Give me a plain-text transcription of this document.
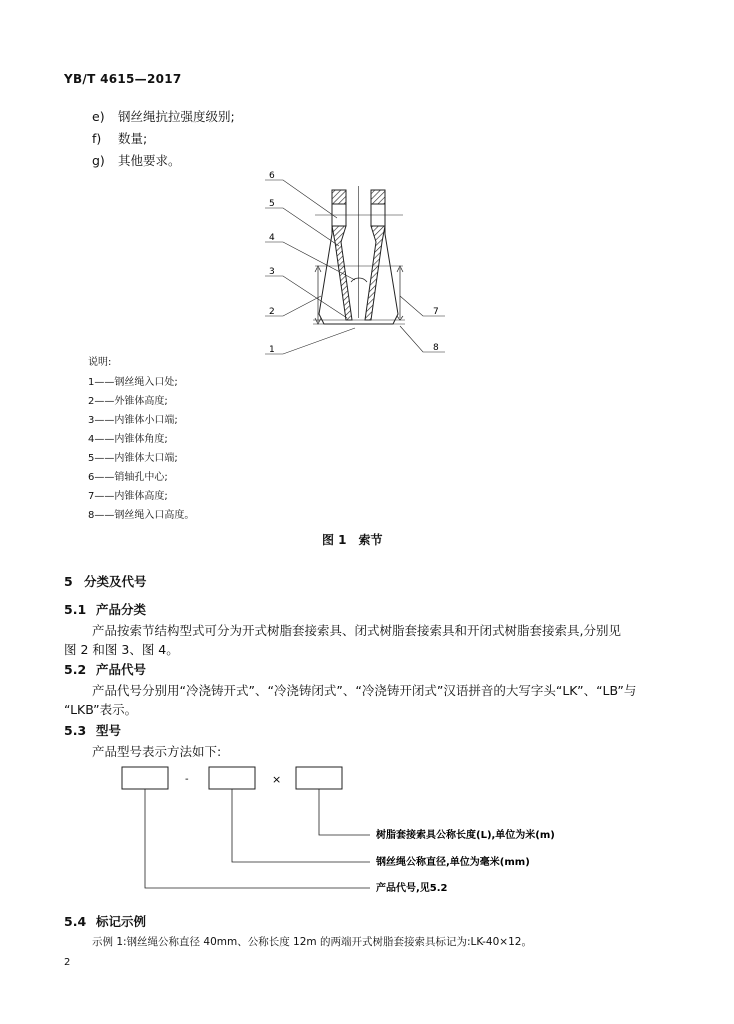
YB/T 4615—2017
e) 钢丝绳抗拉强度级别;
f) 数量;
g) 其他要求。
6
5
4
3
2
1
7
8
说明:
1——钢丝绳入口处;
2——外锥体高度;
3——内锥体小口端;
4——内锥体角度;
5——内锥体大口端;
6——销轴孔中心;
7——内锥体高度;
8——钢丝绳入口高度。
图 1　索节
5 分类及代号
5.1 产品分类
产品按索节结构型式可分为开式树脂套接索具、闭式树脂套接索具和开闭式树脂套接索具,分别见
图 2 和图 3、图 4。
5.2 产品代号
产品代号分别用“冷浇铸开式”、“冷浇铸闭式”、“冷浇铸开闭式”汉语拼音的大写字头“LK”、“LB”与
“LKB”表示。
5.3 型号
产品型号表示方法如下:
-	×
树脂套接索具公称长度(L),单位为米(m)
钢丝绳公称直径,单位为毫米(mm)
产品代号,见5.2
5.4 标记示例
示例 1:钢丝绳公称直径 40mm、公称长度 12m 的两端开式树脂套接索具标记为:LK-40×12。
2
